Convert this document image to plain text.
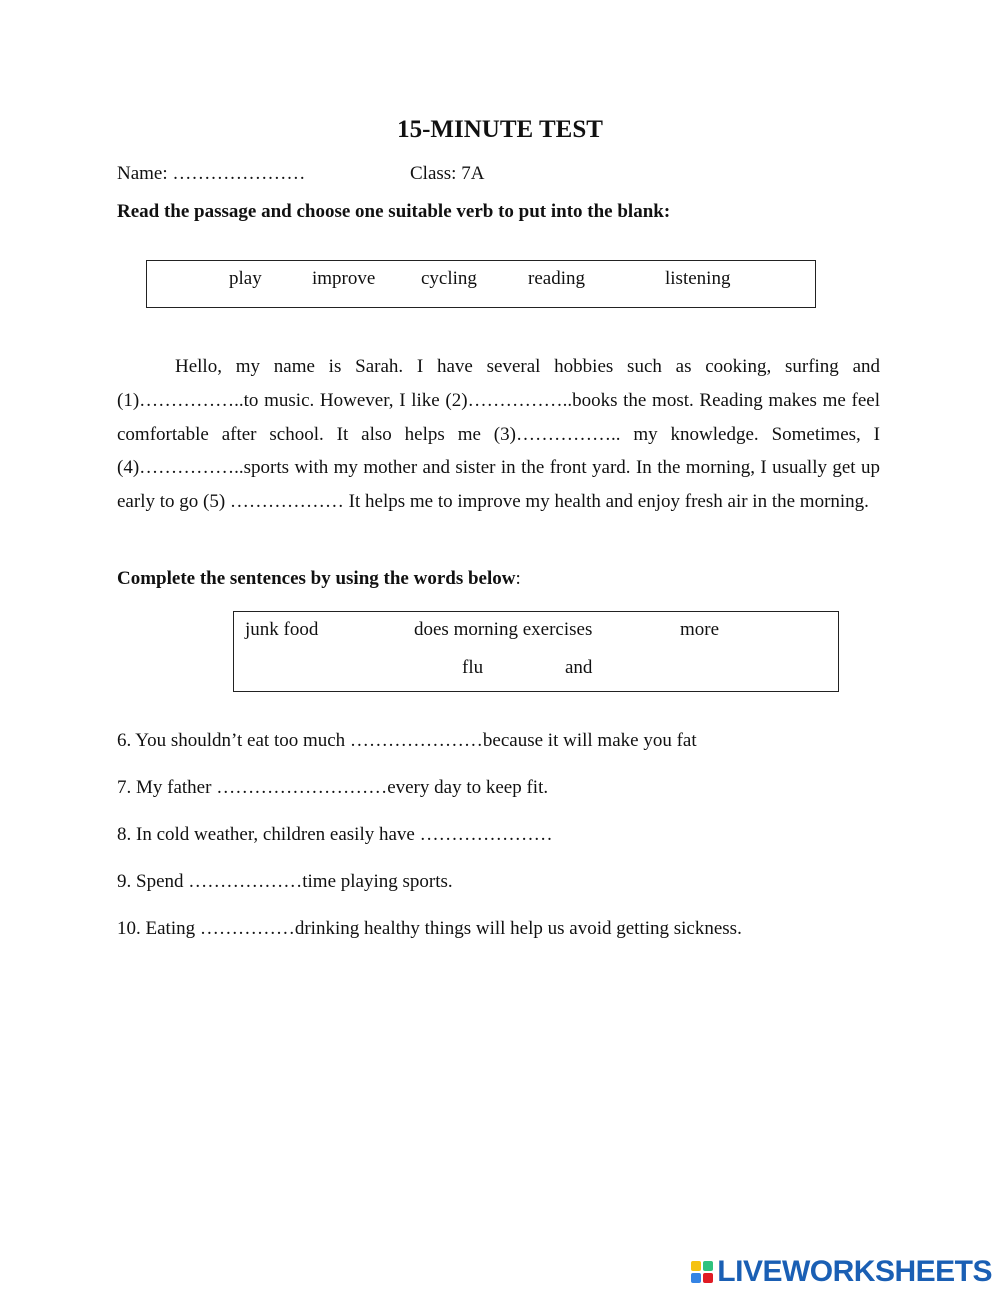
15-MINUTE TEST
Name: …………………	Class: 7A
Read the passage and choose one suitable verb to put into the blank:
play	improve cycling	reading	listening

Hello, my name is Sarah. I have several hobbies such as cooking, surfing and (1)……………..to music. However, I like (2)……………..books the most. Reading makes me feel comfortable after school. It also helps me (3)…………….. my knowledge. Sometimes, I (4)……………..sports with my mother and sister in the front yard. In the morning, I usually get up early to go (5) ……………… It helps me to improve my health and enjoy fresh air in the morning.

Complete the sentences by using the words below:
junk food	does morning exercises	more
flu	and
6. You shouldn’t eat too much …………………because it will make you fat
7. My father ………………………every day to keep fit.
8. In cold weather, children easily have …………………
9. Spend ………………time playing sports.
10. Eating ……………drinking healthy things will help us avoid getting sickness.
LIVEWORKSHEETS
